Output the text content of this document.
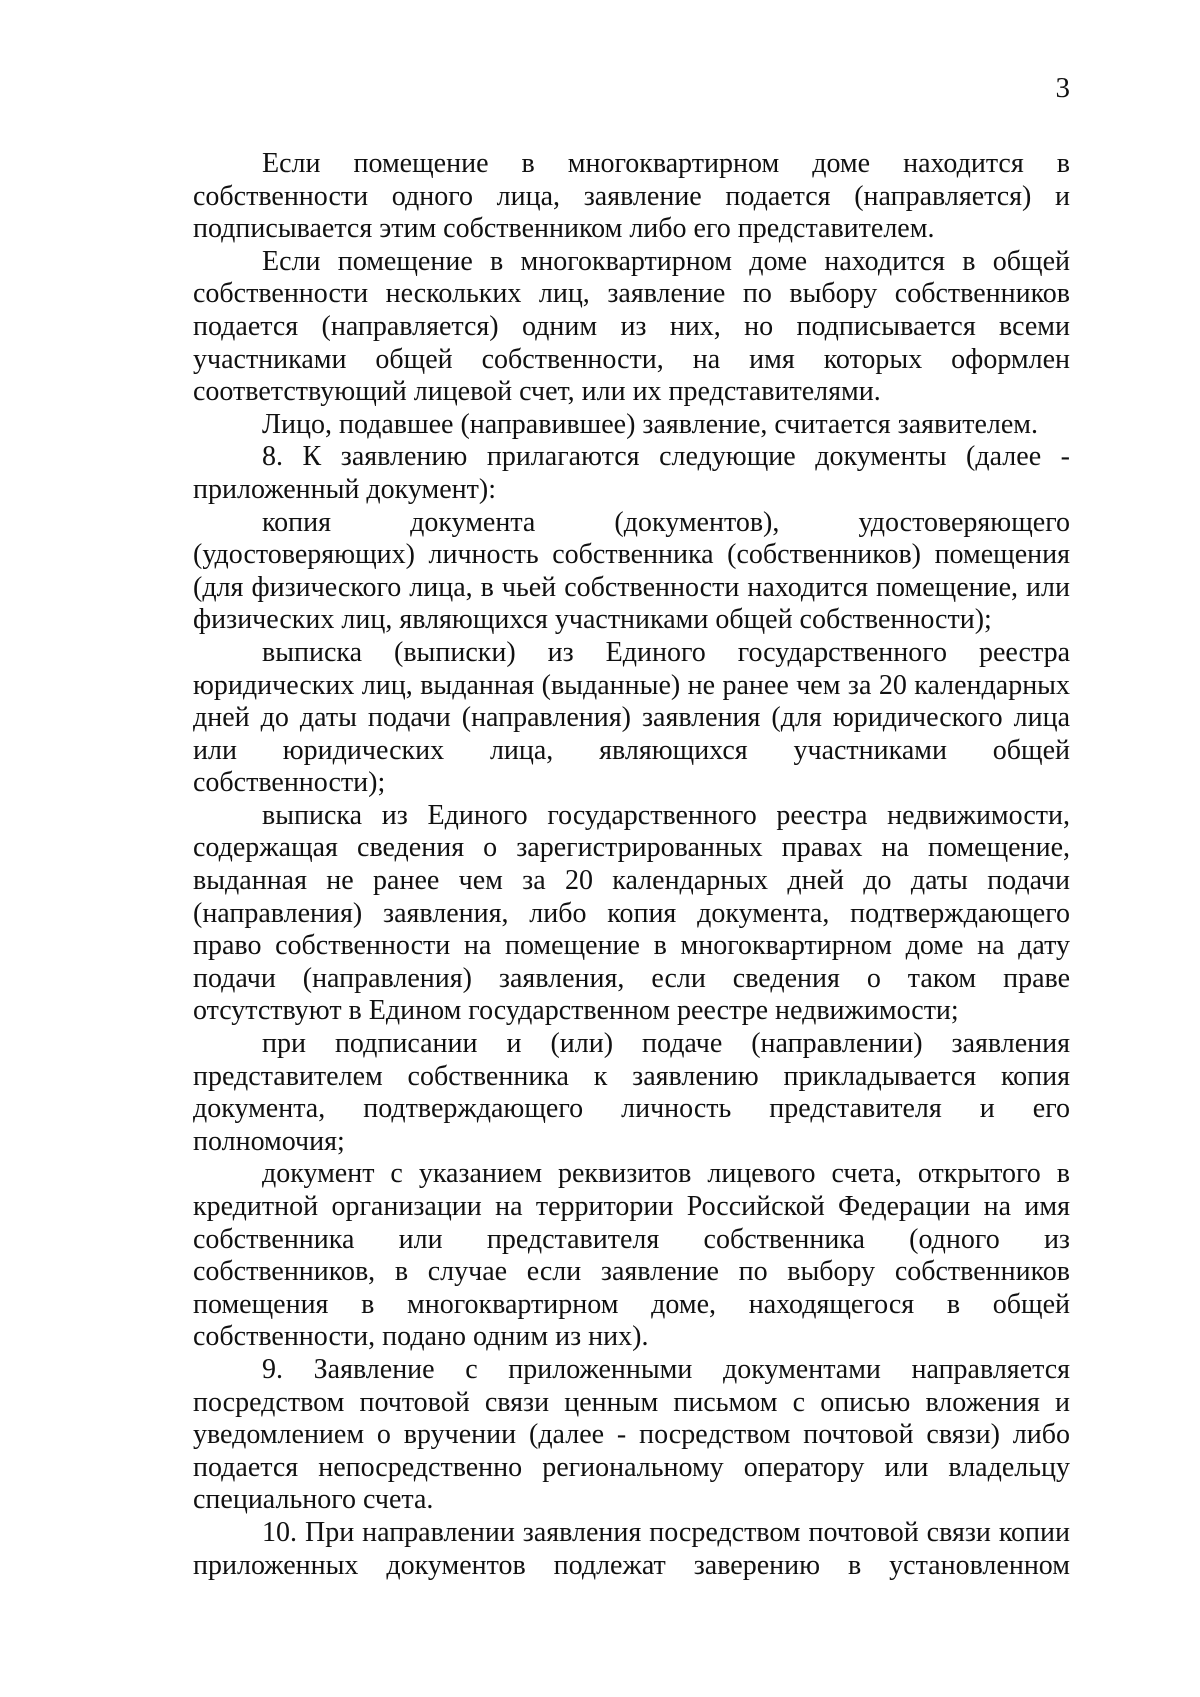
3

Если помещение в многоквартирном доме находится в собственности одного лица, заявление подается (направляется) и подписывается этим собственником либо его представителем.

Если помещение в многоквартирном доме находится в общей собственности нескольких лиц, заявление по выбору собственников подается (направляется) одним из них, но подписывается всеми участниками общей собственности, на имя которых оформлен соответствующий лицевой счет, или их представителями.

Лицо, подавшее (направившее) заявление, считается заявителем.

8. К заявлению прилагаются следующие документы (далее - приложенный документ):

копия документа (документов), удостоверяющего (удостоверяющих) личность собственника (собственников) помещения (для физического лица, в чьей собственности находится помещение, или физических лиц, являющихся участниками общей собственности);

выписка (выписки) из Единого государственного реестра юридических лиц, выданная (выданные) не ранее чем за 20 календарных дней до даты подачи (направления) заявления (для юридического лица или юридических лица, являющихся участниками общей собственности);

выписка из Единого государственного реестра недвижимости, содержащая сведения о зарегистрированных правах на помещение, выданная не ранее чем за 20 календарных дней до даты подачи (направления) заявления, либо копия документа, подтверждающего право собственности на помещение в многоквартирном доме на дату подачи (направления) заявления, если сведения о таком праве отсутствуют в Едином государственном реестре недвижимости;

при подписании и (или) подаче (направлении) заявления представителем собственника к заявлению прикладывается копия документа, подтверждающего личность представителя и его полномочия;

документ с указанием реквизитов лицевого счета, открытого в кредитной организации на территории Российской Федерации на имя собственника или представителя собственника (одного из собственников, в случае если заявление по выбору собственников помещения в многоквартирном доме, находящегося в общей собственности, подано одним из них).

9. Заявление с приложенными документами направляется посредством почтовой связи ценным письмом с описью вложения и уведомлением о вручении (далее - посредством почтовой связи) либо подается непосредственно региональному оператору или владельцу специального счета.

10. При направлении заявления посредством почтовой связи копии приложенных документов подлежат заверению в установленном
